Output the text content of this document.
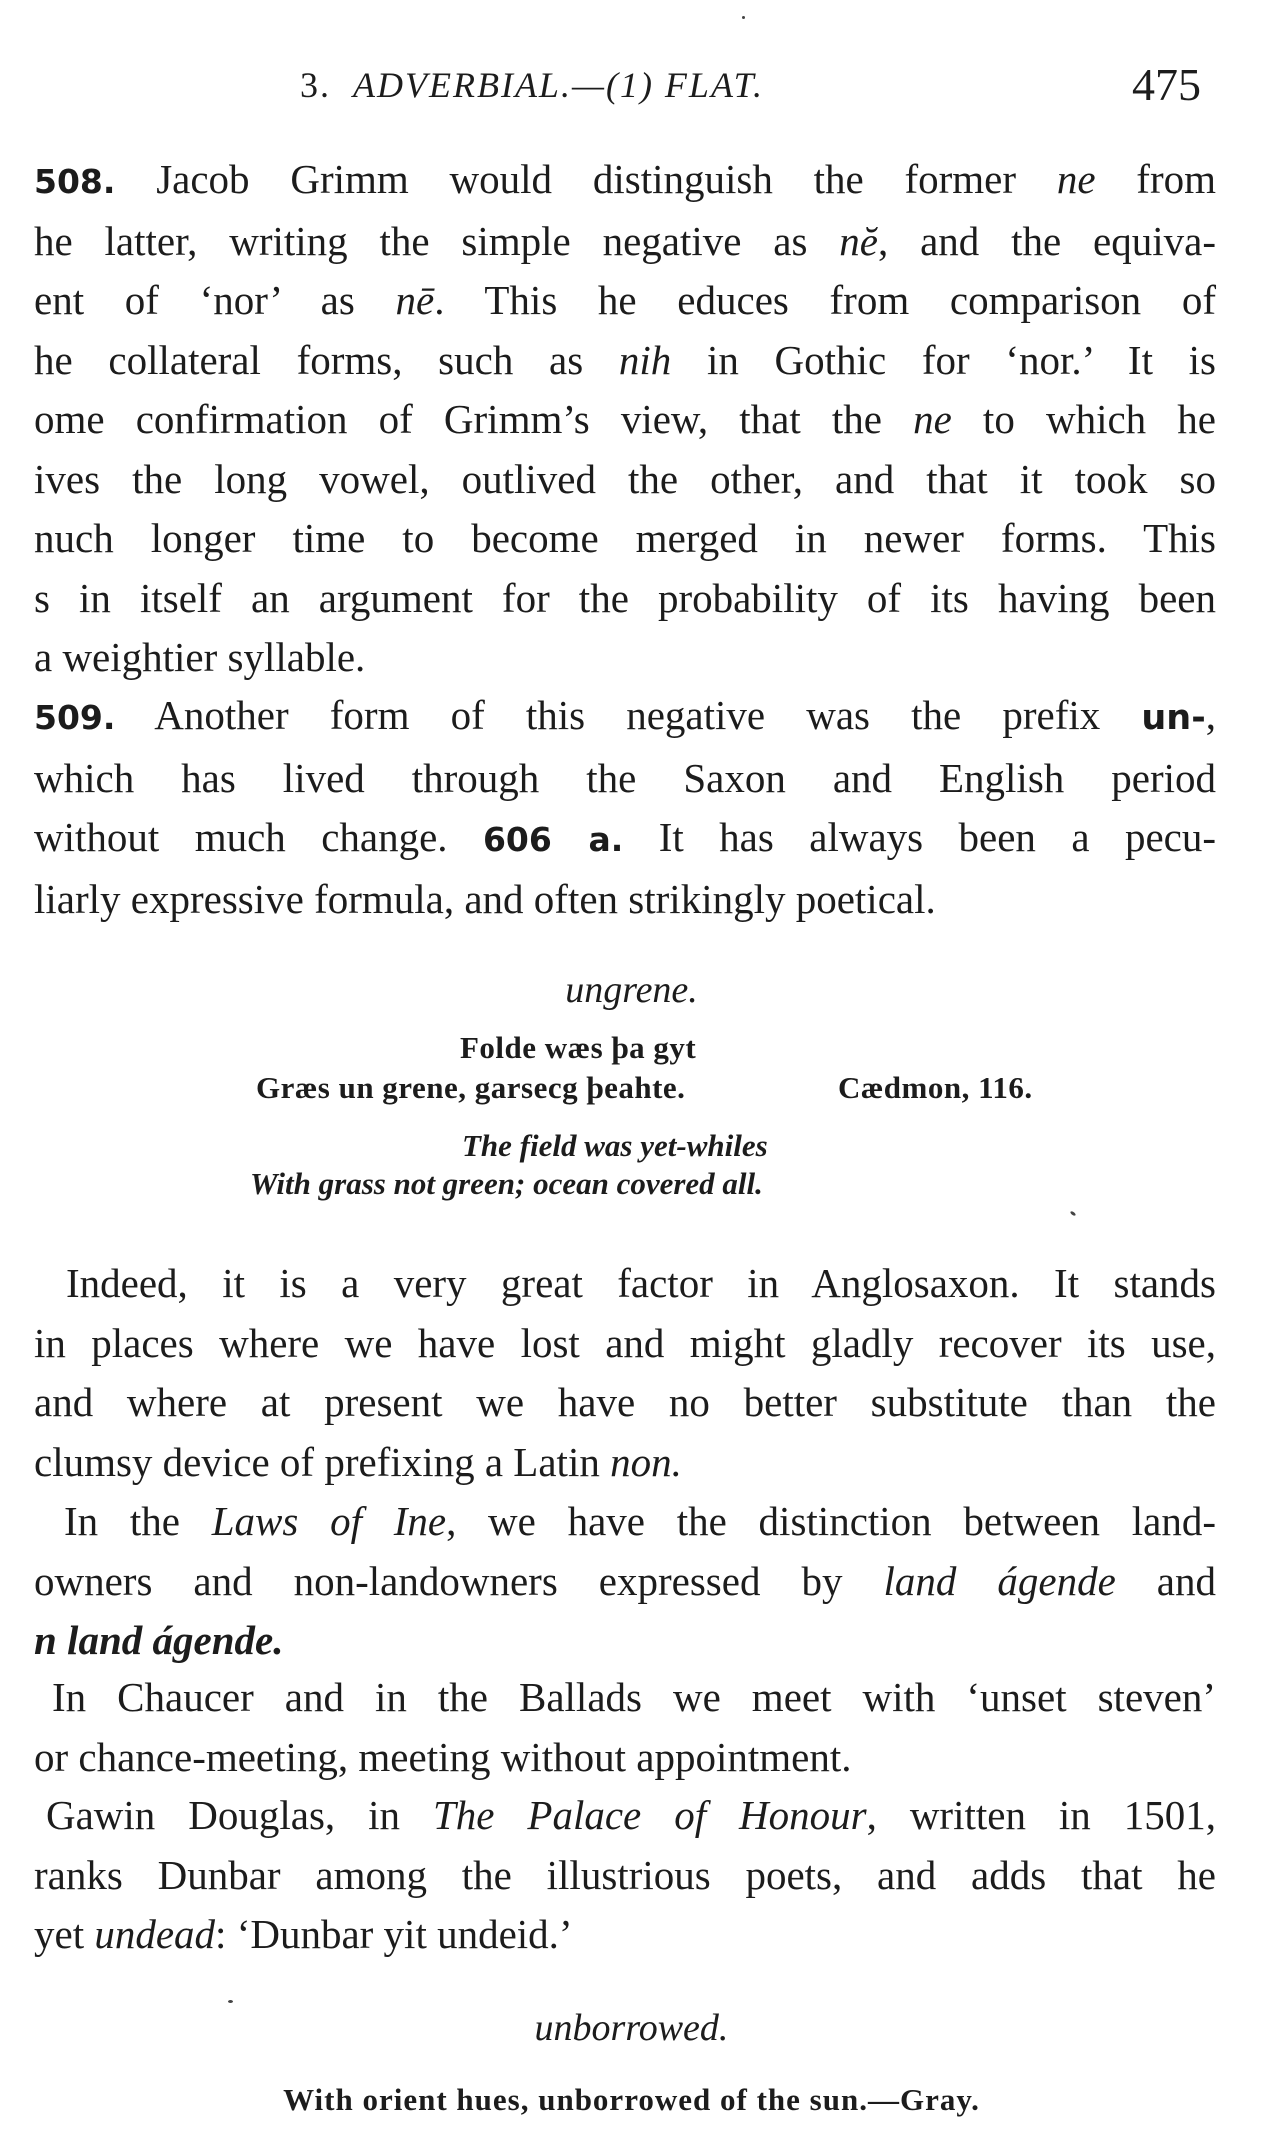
3. ADVERBIAL.—(1) FLAT.	475
508. Jacob Grimm would distinguish the former ne from
he latter, writing the simple negative as nĕ, and the equiva-
ent of ‘nor’ as nē. This he educes from comparison of
he collateral forms, such as nih in Gothic for ‘nor.’ It is
ome confirmation of Grimm’s view, that the ne to which he
ives the long vowel, outlived the other, and that it took so
nuch longer time to become merged in newer forms. This
s in itself an argument for the probability of its having been
a weightier syllable.
509. Another form of this negative was the prefix un-,
which has lived through the Saxon and English period
without much change. 606 a. It has always been a pecu-
liarly expressive formula, and often strikingly poetical.
ungrene.
Folde wæs þa gyt
Græs un grene, garsecg þeahte.	Cædmon, 116.
The field was yet-whiles
With grass not green; ocean covered all.
Indeed, it is a very great factor in Anglosaxon. It stands
in places where we have lost and might gladly recover its use,
and where at present we have no better substitute than the
clumsy device of prefixing a Latin non.
In the Laws of Ine, we have the distinction between land-
owners and non-landowners expressed by land ágende and
n land ágende.
In Chaucer and in the Ballads we meet with ‘unset steven’
or chance-meeting, meeting without appointment.
Gawin Douglas, in The Palace of Honour, written in 1501,
ranks Dunbar among the illustrious poets, and adds that he
yet undead: ‘Dunbar yit undeid.’
unborrowed.
With orient hues, unborrowed of the sun.—Gray.
